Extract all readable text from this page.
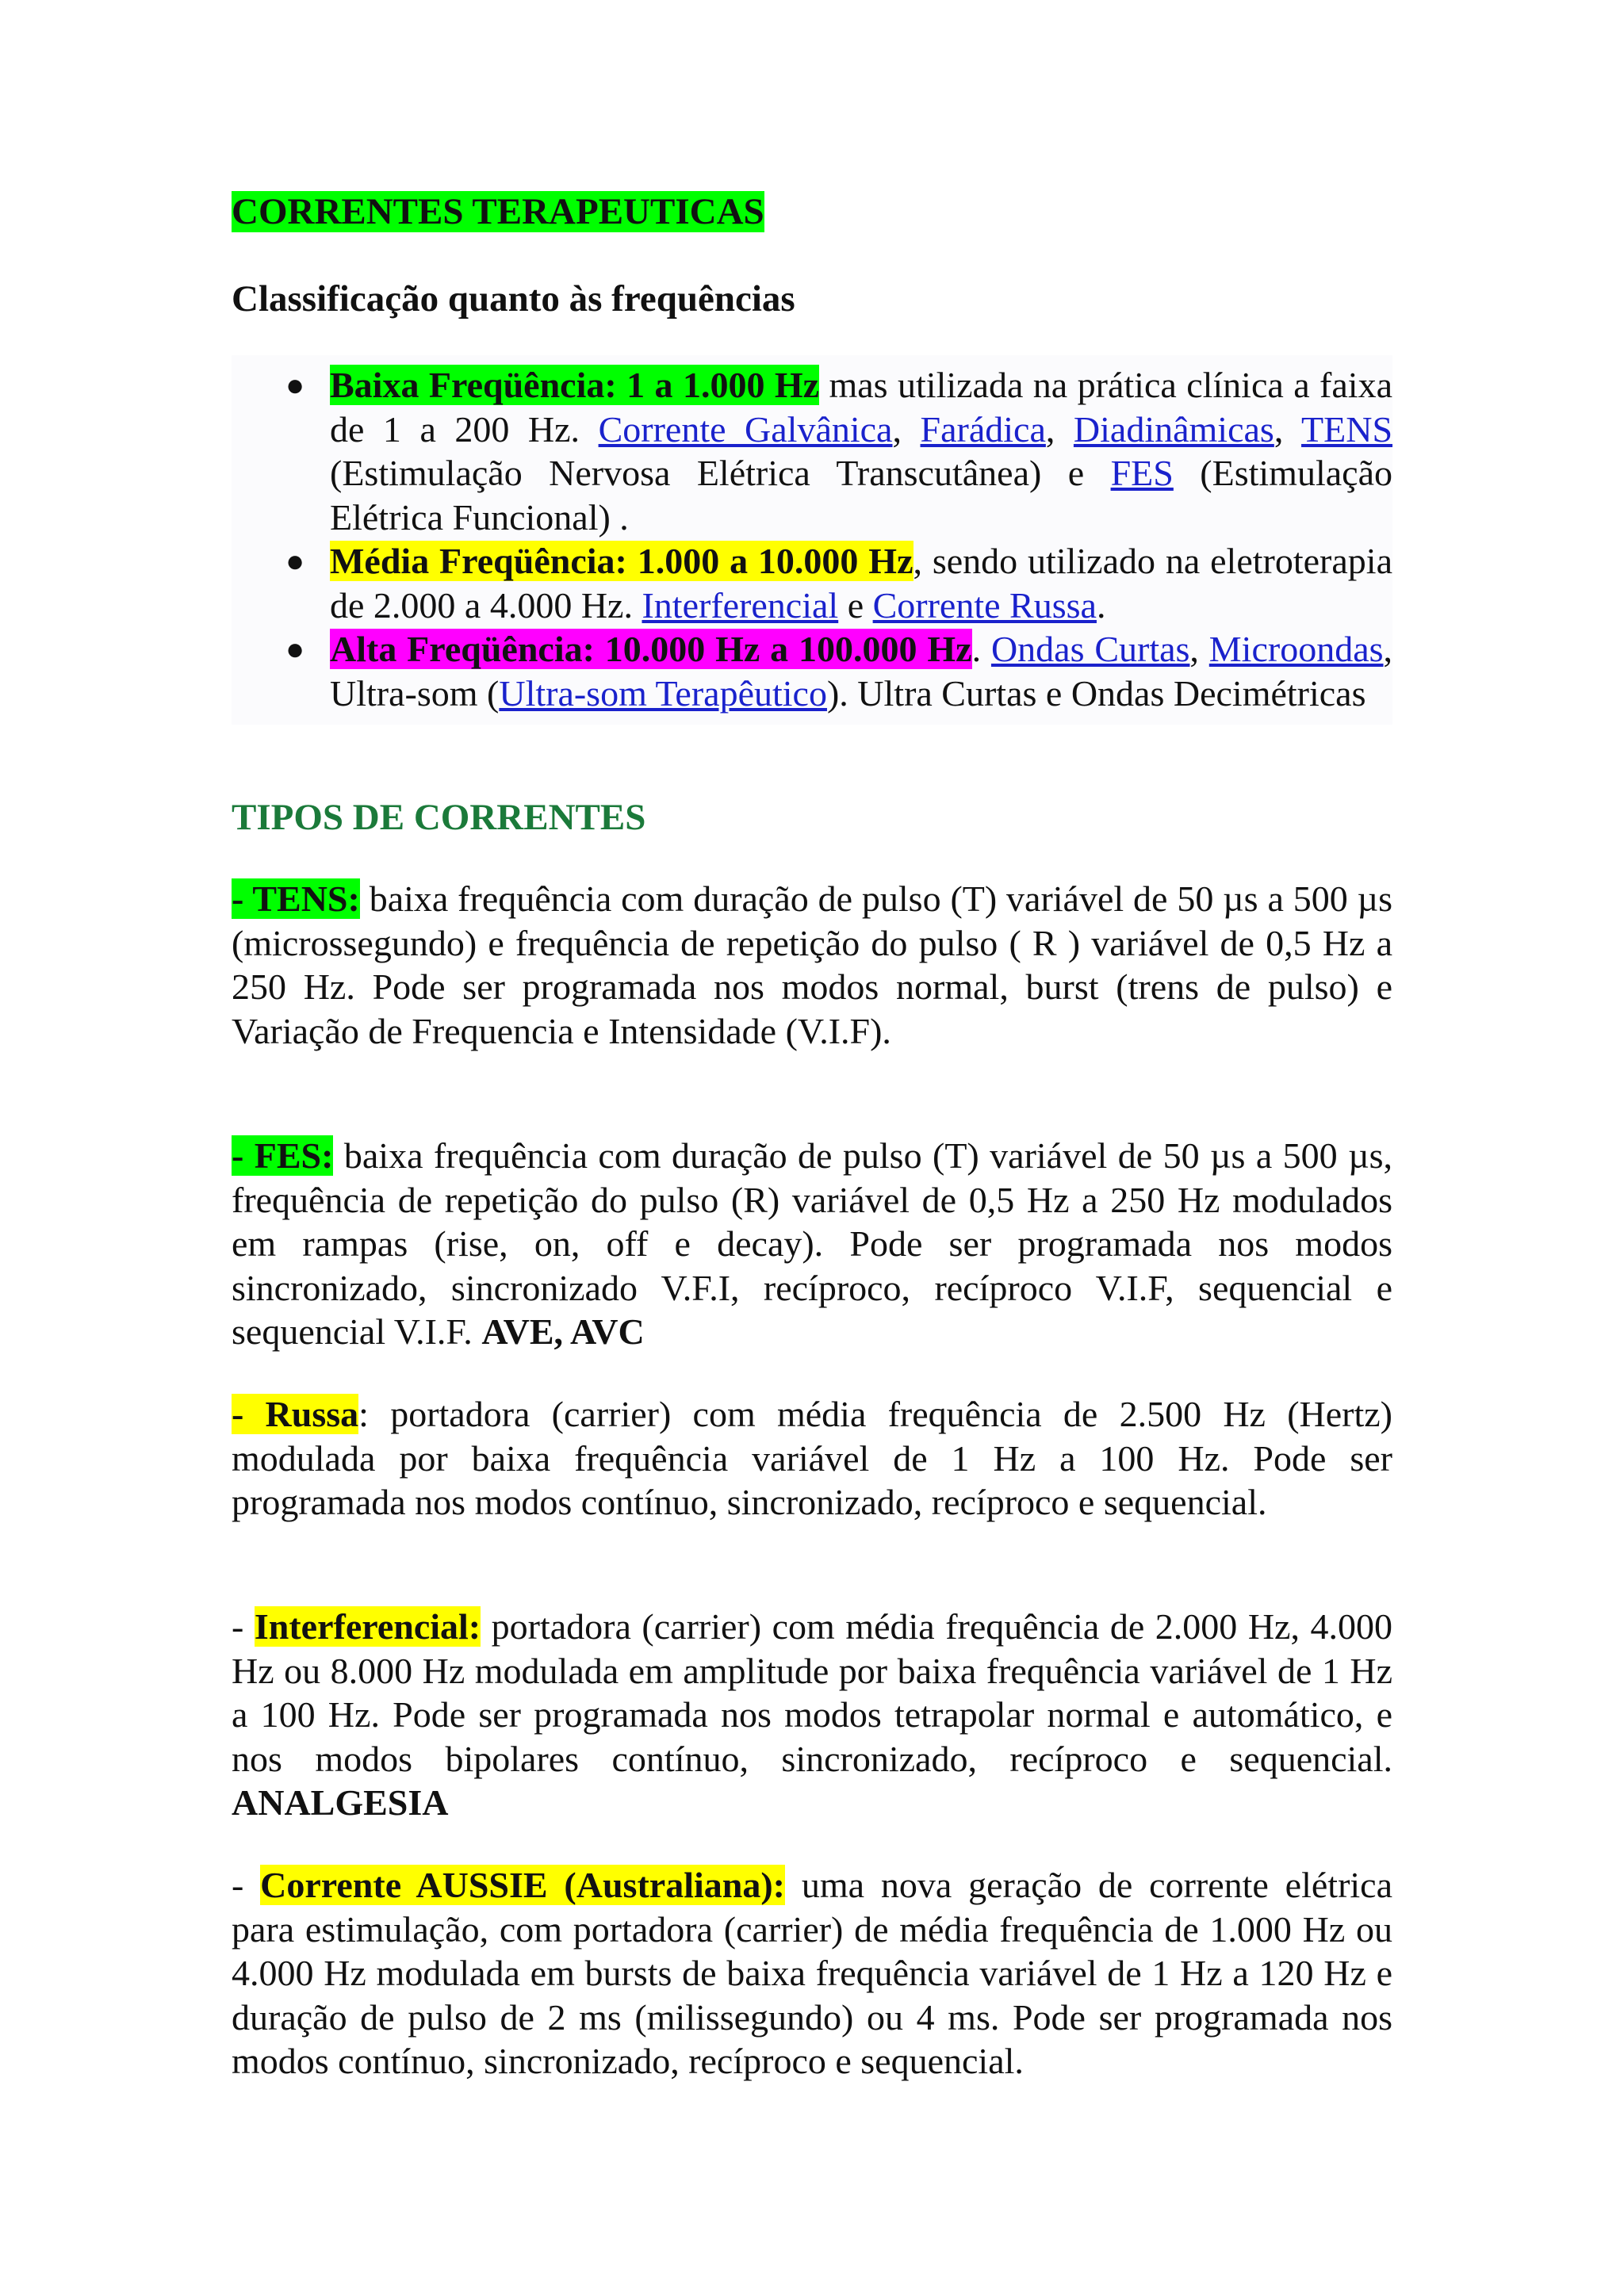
CORRENTES TERAPEUTICAS
Classificação quanto às frequências
● Baixa Freqüência: 1 a 1.000 Hz mas utilizada na prática clínica a faixa de 1 a 200 Hz. Corrente Galvânica, Farádica, Diadinâmicas, TENS (Estimulação Nervosa Elétrica Transcutânea) e FES (Estimulação Elétrica Funcional) .
● Média Freqüência: 1.000 a 10.000 Hz, sendo utilizado na eletroterapia de 2.000 a 4.000 Hz. Interferencial e Corrente Russa.
● Alta Freqüência: 10.000 Hz a 100.000 Hz. Ondas Curtas, Microondas, Ultra-som (Ultra-som Terapêutico). Ultra Curtas e Ondas Decimétricas
TIPOS DE CORRENTES

- TENS: baixa frequência com duração de pulso (T) variável de 50 µs a 500 µs (microssegundo) e frequência de repetição do pulso ( R ) variável de 0,5 Hz a 250 Hz. Pode ser programada nos modos normal, burst (trens de pulso) e Variação de Frequencia e Intensidade (V.I.F).

- FES: baixa frequência com duração de pulso (T) variável de 50 µs a 500 µs, frequência de repetição do pulso (R) variável de 0,5 Hz a 250 Hz modulados em rampas (rise, on, off e decay). Pode ser programada nos modos sincronizado, sincronizado V.F.I, recíproco, recíproco V.I.F, sequencial e sequencial V.I.F. AVE, AVC

- Russa: portadora (carrier) com média frequência de 2.500 Hz (Hertz) modulada por baixa frequência variável de 1 Hz a 100 Hz. Pode ser programada nos modos contínuo, sincronizado, recíproco e sequencial.

- Interferencial: portadora (carrier) com média frequência de 2.000 Hz, 4.000 Hz ou 8.000 Hz modulada em amplitude por baixa frequência variável de 1 Hz a 100 Hz. Pode ser programada nos modos tetrapolar normal e automático, e nos modos bipolares contínuo, sincronizado, recíproco e sequencial. ANALGESIA

- Corrente AUSSIE (Australiana): uma nova geração de corrente elétrica para estimulação, com portadora (carrier) de média frequência de 1.000 Hz ou 4.000 Hz modulada em bursts de baixa frequência variável de 1 Hz a 120 Hz e duração de pulso de 2 ms (milissegundo) ou 4 ms. Pode ser programada nos modos contínuo, sincronizado, recíproco e sequencial.
